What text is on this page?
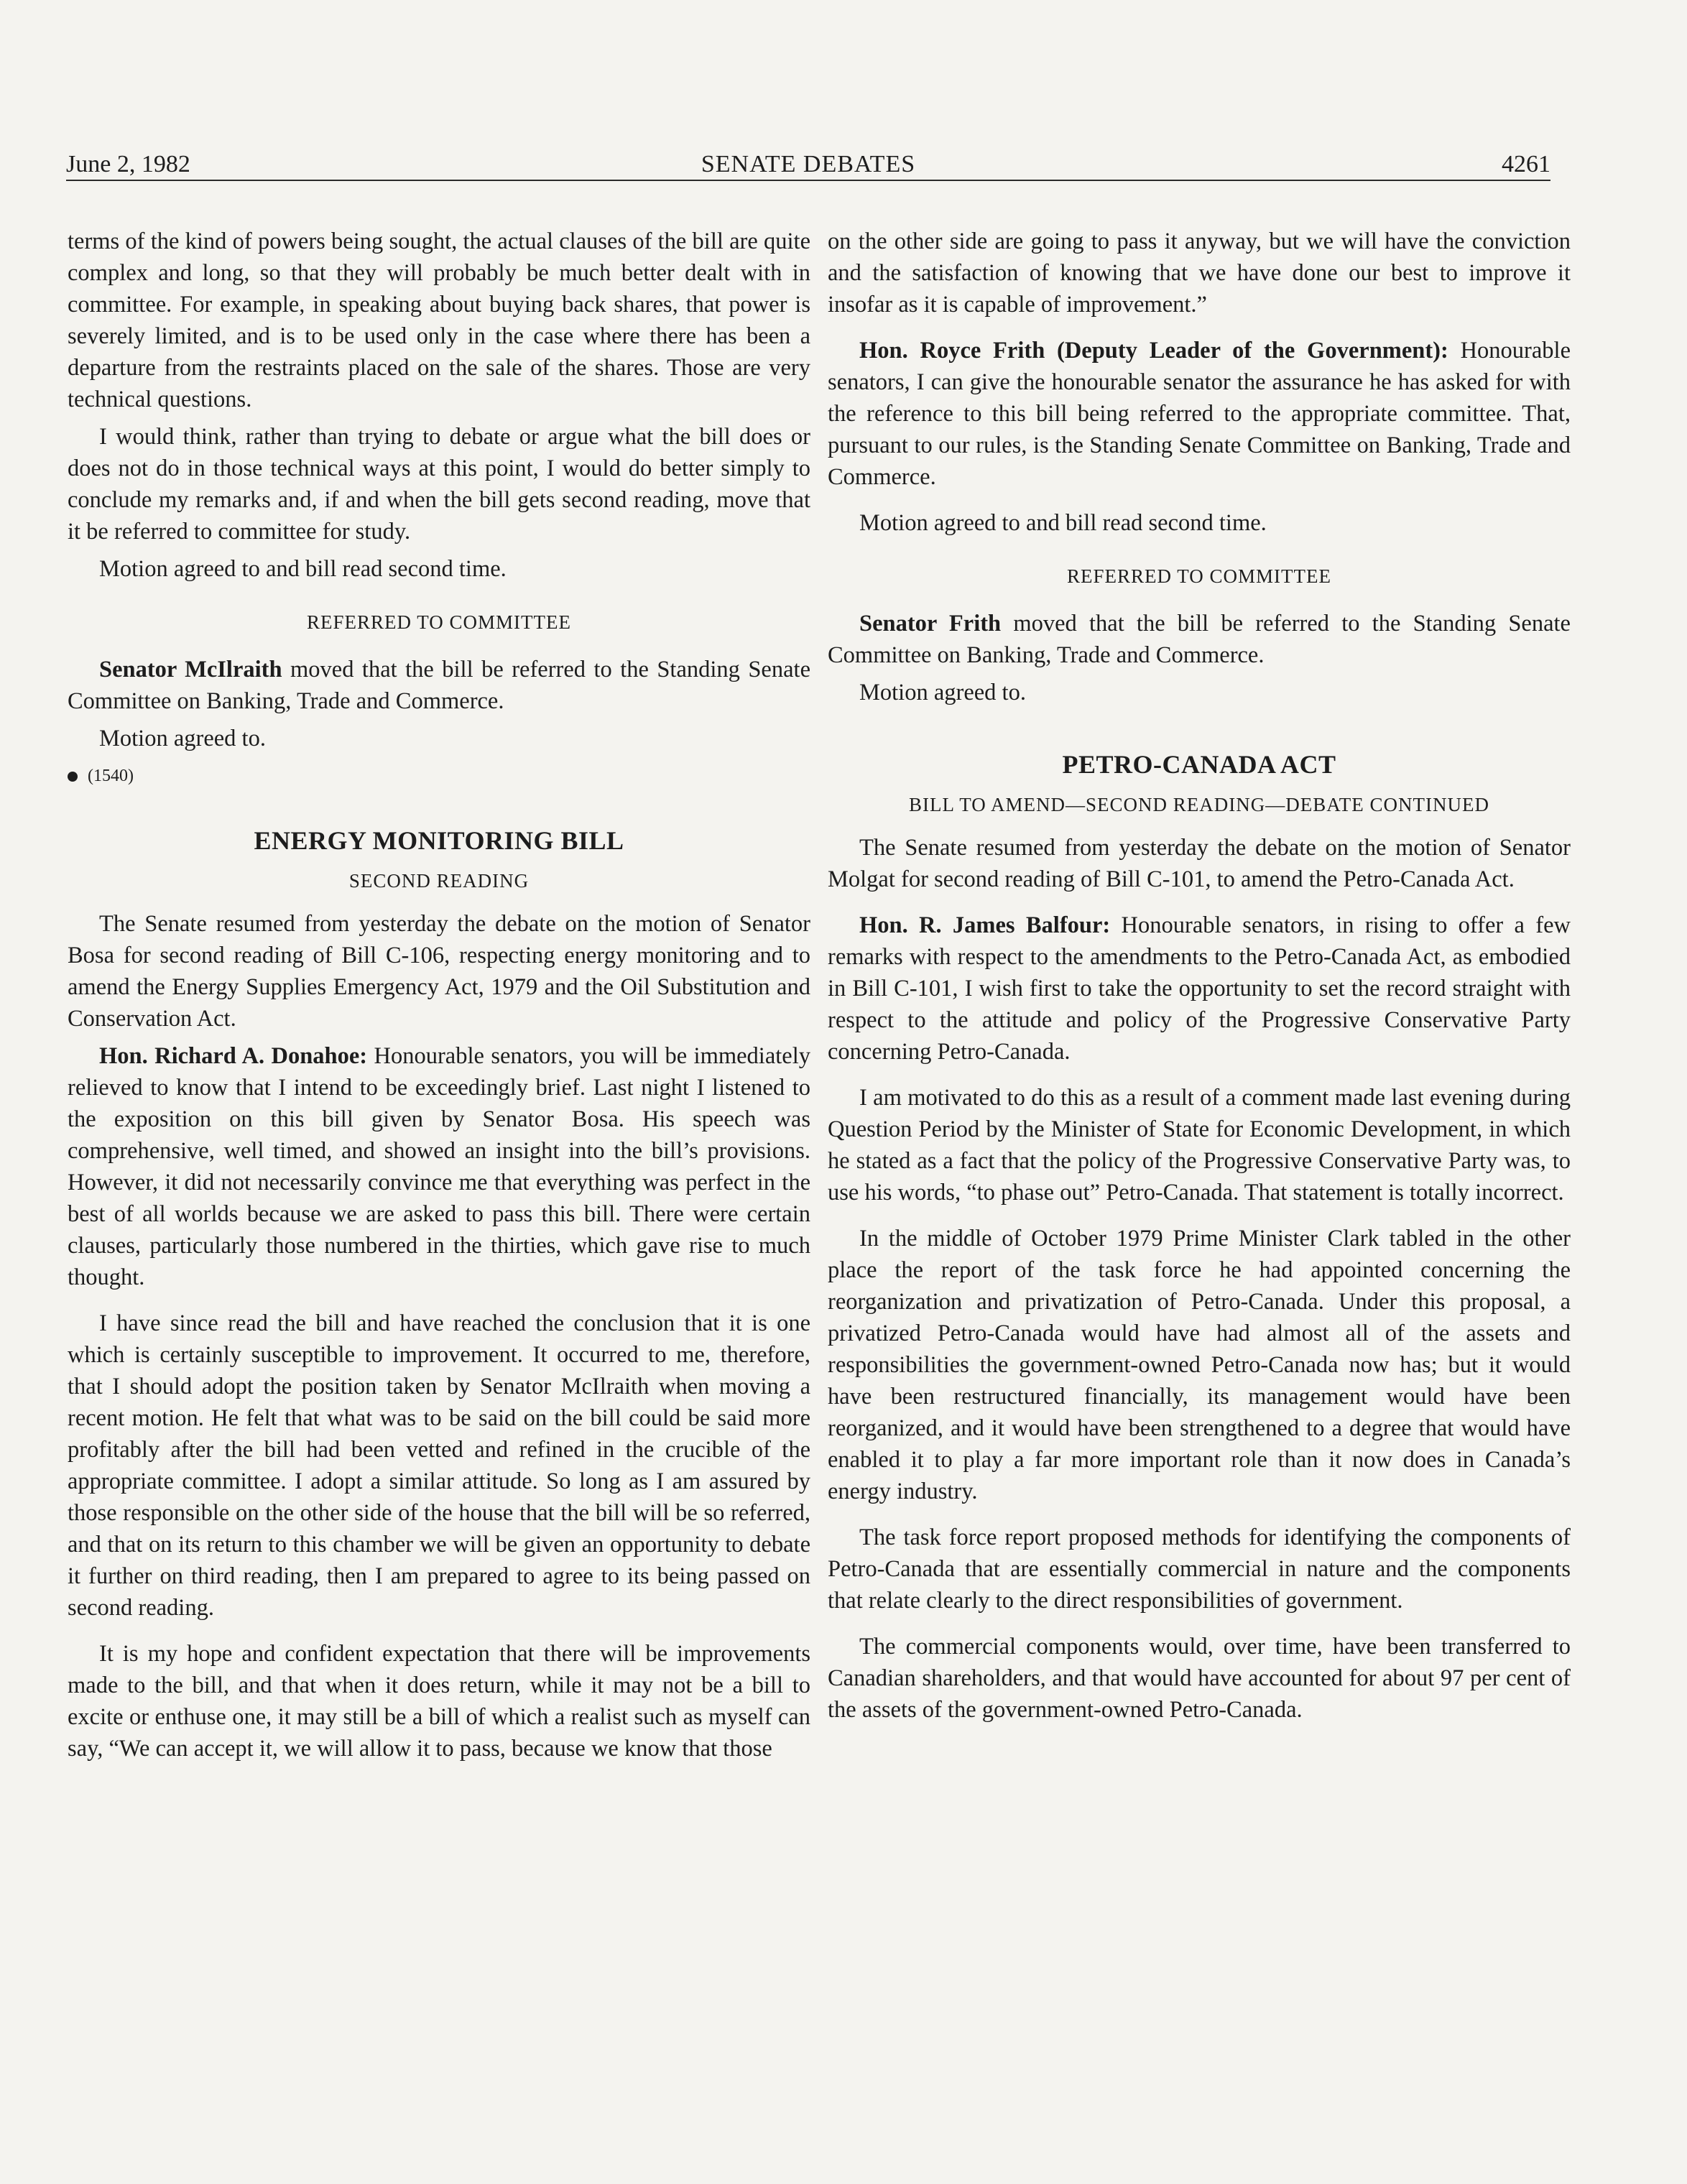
June 2, 1982	SENATE DEBATES	4261

terms of the kind of powers being sought, the actual clauses of the bill are quite complex and long, so that they will probably be much better dealt with in committee. For example, in speaking about buying back shares, that power is severely limited, and is to be used only in the case where there has been a departure from the restraints placed on the sale of the shares. Those are very technical questions.

I would think, rather than trying to debate or argue what the bill does or does not do in those technical ways at this point, I would do better simply to conclude my remarks and, if and when the bill gets second reading, move that it be referred to committee for study.

Motion agreed to and bill read second time.

REFERRED TO COMMITTEE

Senator McIlraith moved that the bill be referred to the Standing Senate Committee on Banking, Trade and Commerce.

Motion agreed to.

(1540)
ENERGY MONITORING BILL
SECOND READING

The Senate resumed from yesterday the debate on the motion of Senator Bosa for second reading of Bill C-106, respecting energy monitoring and to amend the Energy Supplies Emergency Act, 1979 and the Oil Substitution and Conservation Act.

Hon. Richard A. Donahoe: Honourable senators, you will be immediately relieved to know that I intend to be exceedingly brief. Last night I listened to the exposition on this bill given by Senator Bosa. His speech was comprehensive, well timed, and showed an insight into the bill’s provisions. However, it did not necessarily convince me that everything was perfect in the best of all worlds because we are asked to pass this bill. There were certain clauses, particularly those numbered in the thirties, which gave rise to much thought.

I have since read the bill and have reached the conclusion that it is one which is certainly susceptible to improvement. It occurred to me, therefore, that I should adopt the position taken by Senator McIlraith when moving a recent motion. He felt that what was to be said on the bill could be said more profitably after the bill had been vetted and refined in the crucible of the appropriate committee. I adopt a similar attitude. So long as I am assured by those responsible on the other side of the house that the bill will be so referred, and that on its return to this chamber we will be given an opportunity to debate it further on third reading, then I am prepared to agree to its being passed on second reading.

It is my hope and confident expectation that there will be improvements made to the bill, and that when it does return, while it may not be a bill to excite or enthuse one, it may still be a bill of which a realist such as myself can say, “We can accept it, we will allow it to pass, because we know that those

on the other side are going to pass it anyway, but we will have the conviction and the satisfaction of knowing that we have done our best to improve it insofar as it is capable of improvement.”

Hon. Royce Frith (Deputy Leader of the Government): Honourable senators, I can give the honourable senator the assurance he has asked for with the reference to this bill being referred to the appropriate committee. That, pursuant to our rules, is the Standing Senate Committee on Banking, Trade and Commerce.

Motion agreed to and bill read second time.

REFERRED TO COMMITTEE

Senator Frith moved that the bill be referred to the Standing Senate Committee on Banking, Trade and Commerce.

Motion agreed to.

PETRO-CANADA ACT
BILL TO AMEND—SECOND READING—DEBATE CONTINUED

The Senate resumed from yesterday the debate on the motion of Senator Molgat for second reading of Bill C-101, to amend the Petro-Canada Act.

Hon. R. James Balfour: Honourable senators, in rising to offer a few remarks with respect to the amendments to the Petro-Canada Act, as embodied in Bill C-101, I wish first to take the opportunity to set the record straight with respect to the attitude and policy of the Progressive Conservative Party concerning Petro-Canada.

I am motivated to do this as a result of a comment made last evening during Question Period by the Minister of State for Economic Development, in which he stated as a fact that the policy of the Progressive Conservative Party was, to use his words, “to phase out” Petro-Canada. That statement is totally incorrect.

In the middle of October 1979 Prime Minister Clark tabled in the other place the report of the task force he had appointed concerning the reorganization and privatization of Petro-Canada. Under this proposal, a privatized Petro-Canada would have had almost all of the assets and responsibilities the government-owned Petro-Canada now has; but it would have been restructured financially, its management would have been reorganized, and it would have been strengthened to a degree that would have enabled it to play a far more important role than it now does in Canada’s energy industry.

The task force report proposed methods for identifying the components of Petro-Canada that are essentially commercial in nature and the components that relate clearly to the direct responsibilities of government.

The commercial components would, over time, have been transferred to Canadian shareholders, and that would have accounted for about 97 per cent of the assets of the government-owned Petro-Canada.
